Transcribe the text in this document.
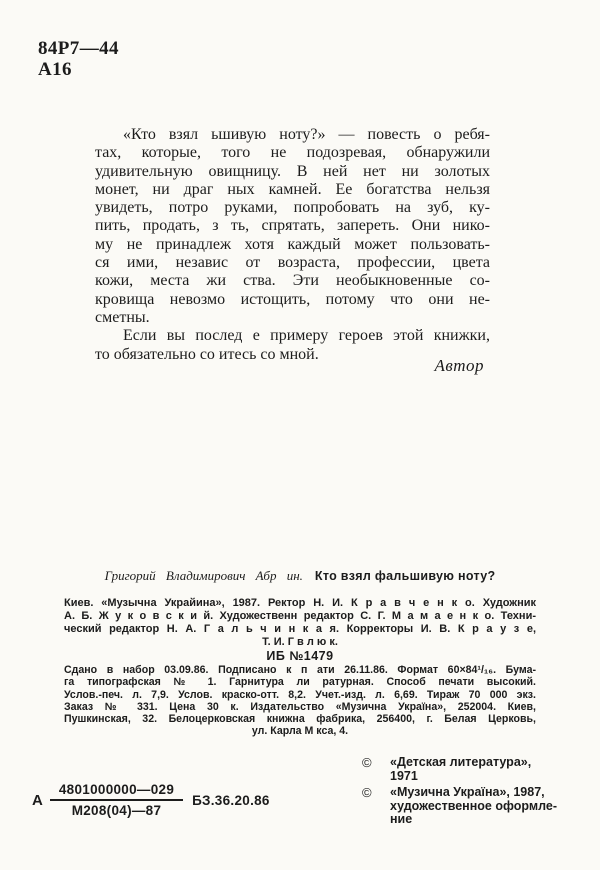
84Р7—44
А16
«Кто взял ьшивую ноту?» — повесть о ребя-
тах, которые, того не подозревая, обнаружили
удивительную овищницу. В ней нет ни золотых
монет, ни драг ных камней. Ее богатства нельзя
увидеть, потро руками, попробовать на зуб, ку-
пить, продать, з ть, спрятать, запереть. Они нико-
му не принадлеж хотя каждый может пользовать-
ся ими, независ от возраста, профессии, цвета
кожи, места жи ства. Эти необыкновенные со-
кровища невозмо истощить, потому что они не-
сметны.
Если вы послед е примеру героев этой книжки,
то обязательно со итесь со мной.
Автор
Григорий Владимирович Абр ин. Кто взял фальшивую ноту?
Киев. «Музычна Украйина», 1987. Ректор Н. И. К р а в ч е н к о. Художник
А. Б. Ж у к о в с к и й. Художественн редактор С. Г. М а м а е н к о. Техни-
ческий редактор Н. А. Г а л ь ч и н к а я. Корректоры И. В. К р а у з е,
Т. И. Г в л ю к.
ИБ №1479
Сдано в набор 03.09.86. Подписано к п ати 26.11.86. Формат 60×84¹/₁₆. Бума-
га типографская № 1. Гарнитура ли ратурная. Способ печати высокий.
Услов.-печ. л. 7,9. Услов. краско-отт. 8,2. Учет.-изд. л. 6,69. Тираж 70 000 экз.
Заказ № 331. Цена 30 к. Издательство «Музична Україна», 252004. Киев,
Пушкинская, 32. Белоцерковская книжна фабрика, 256400, г. Белая Церковь,
ул. Карла М кса, 4.
А $\frac{4801000000—029}{М208(04)—87} БЗ.36.20.86$
©	«Детская литература»,
1971
©	«Музична Україна», 1987,
художественное оформле-
ние
